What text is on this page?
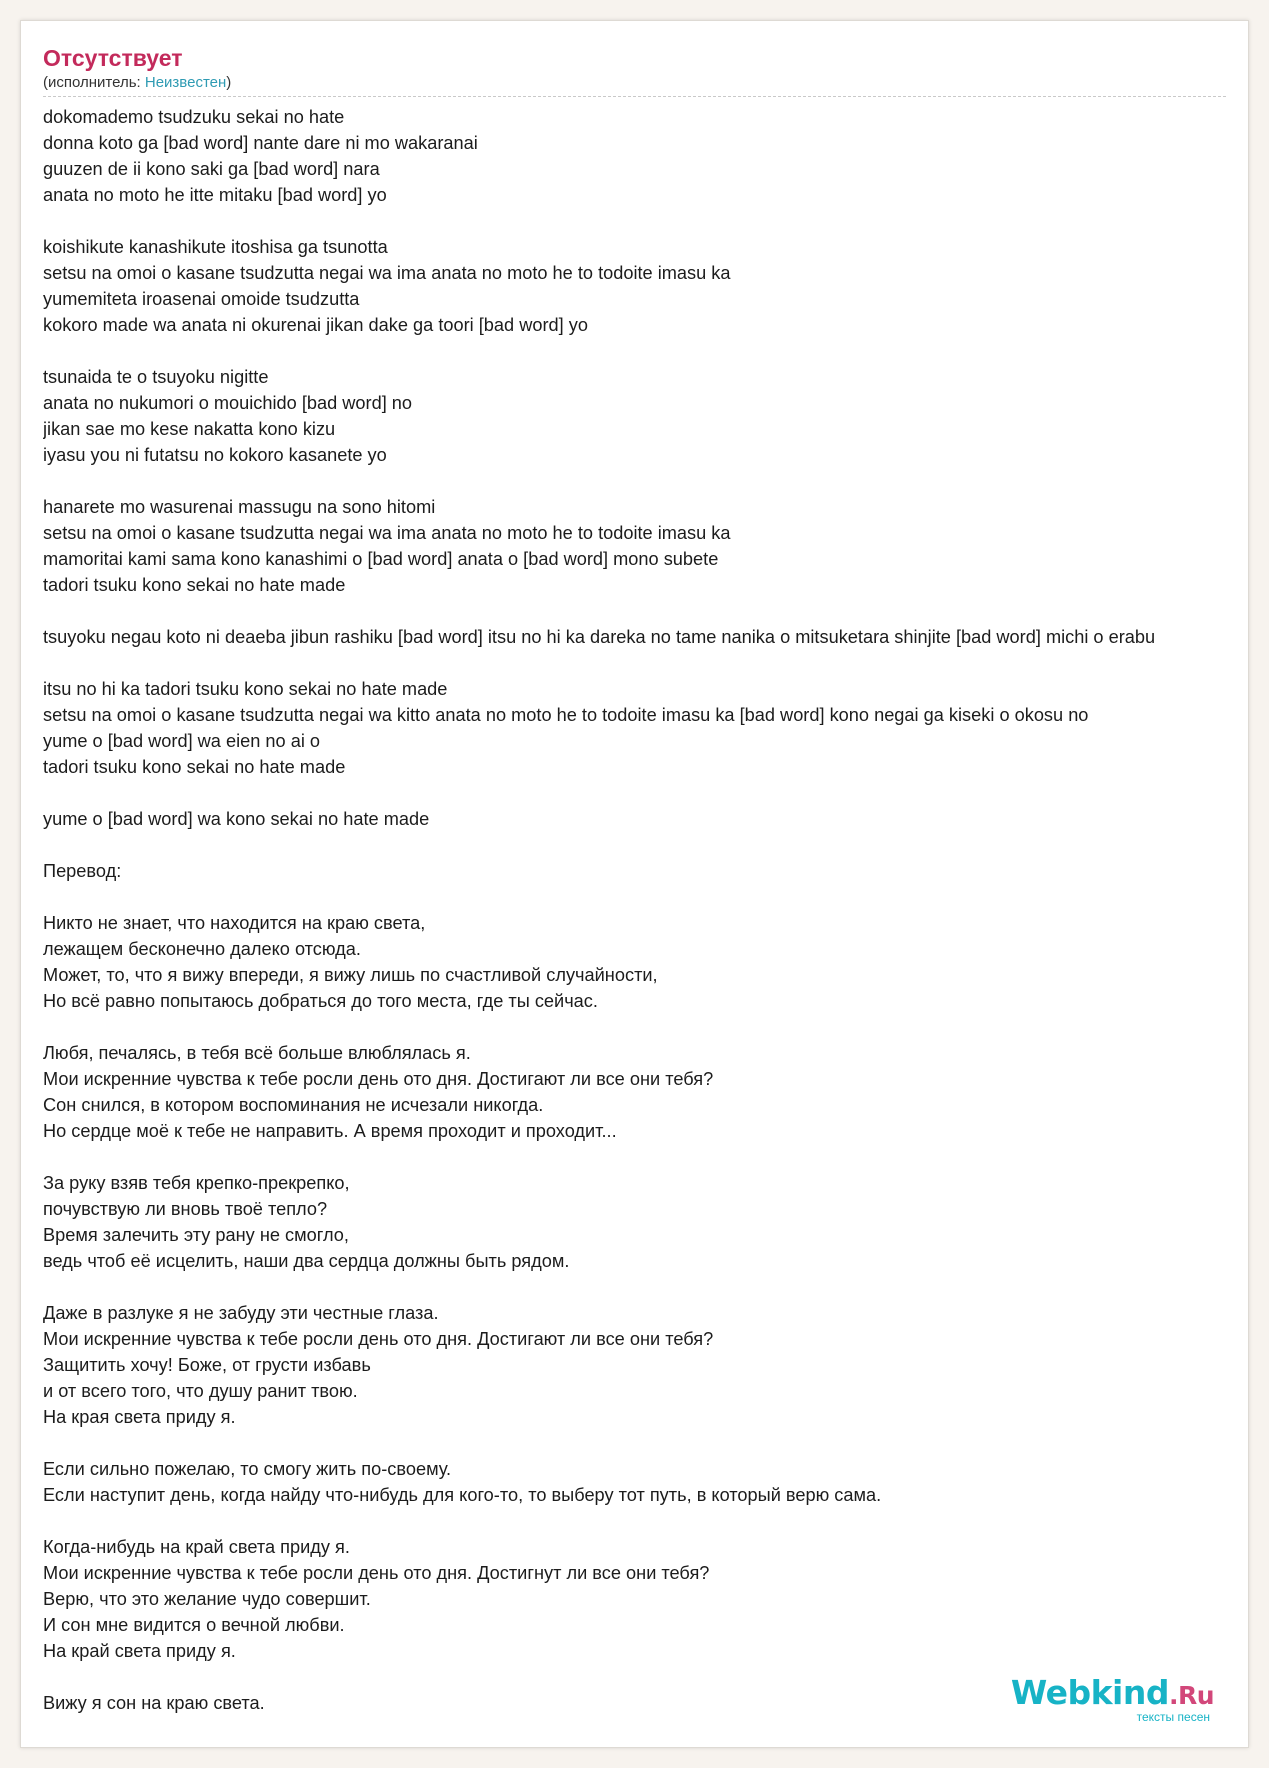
Отсутствует
(исполнитель: Неизвестен)
dokomademo tsudzuku sekai no hate
donna koto ga [bad word] nante dare ni mo wakaranai
guuzen de ii kono saki ga [bad word] nara
anata no moto he itte mitaku [bad word] yo

koishikute kanashikute itoshisa ga tsunotta
setsu na omoi o kasane tsudzutta negai wa ima anata no moto he to todoite imasu ka
yumemiteta iroasenai omoide tsudzutta
kokoro made wa anata ni okurenai jikan dake ga toori [bad word] yo

tsunaida te o tsuyoku nigitte
anata no nukumori o mouichido [bad word] no
jikan sae mo kese nakatta kono kizu
iyasu you ni futatsu no kokoro kasanete yo

hanarete mo wasurenai massugu na sono hitomi
setsu na omoi o kasane tsudzutta negai wa ima anata no moto he to todoite imasu ka
mamoritai kami sama kono kanashimi o [bad word] anata o [bad word] mono subete
tadori tsuku kono sekai no hate made

tsuyoku negau koto ni deaeba jibun rashiku [bad word] itsu no hi ka dareka no tame nanika o mitsuketara shinjite [bad word] michi o erabu

itsu no hi ka tadori tsuku kono sekai no hate made
setsu na omoi o kasane tsudzutta negai wa kitto anata no moto he to todoite imasu ka [bad word] kono negai ga kiseki o okosu no
yume o [bad word] wa eien no ai o
tadori tsuku kono sekai no hate made

yume o [bad word] wa kono sekai no hate made

Перевод:

Никто не знает, что находится на краю света,
лежащем бесконечно далеко отсюда.
Может, то, что я вижу впереди, я вижу лишь по счастливой случайности,
Но всё равно попытаюсь добраться до того места, где ты сейчас.

Любя, печалясь, в тебя всё больше влюблялась я.
Мои искренние чувства к тебе росли день ото дня. Достигают ли все они тебя?
Сон снился, в котором воспоминания не исчезали никогда.
Но сердце моё к тебе не направить. А время проходит и проходит...

За руку взяв тебя крепко-прекрепко,
почувствую ли вновь твоё тепло?
Время залечить эту рану не смогло,
ведь чтоб её исцелить, наши два сердца должны быть рядом.

Даже в разлуке я не забуду эти честные глаза.
Мои искренние чувства к тебе росли день ото дня. Достигают ли все они тебя?
Защитить хочу! Боже, от грусти избавь
и от всего того, что душу ранит твою.
На края света приду я.

Если сильно пожелаю, то смогу жить по-своему.
Если наступит день, когда найду что-нибудь для кого-то, то выберу тот путь, в который верю сама.

Когда-нибудь на край света приду я.
Мои искренние чувства к тебе росли день ото дня. Достигнут ли все они тебя?
Верю, что это желание чудо совершит.
И сон мне видится о вечной любви.
На край света приду я.

Вижу я сон на краю света.	Webkind.Ru
тексты песен
